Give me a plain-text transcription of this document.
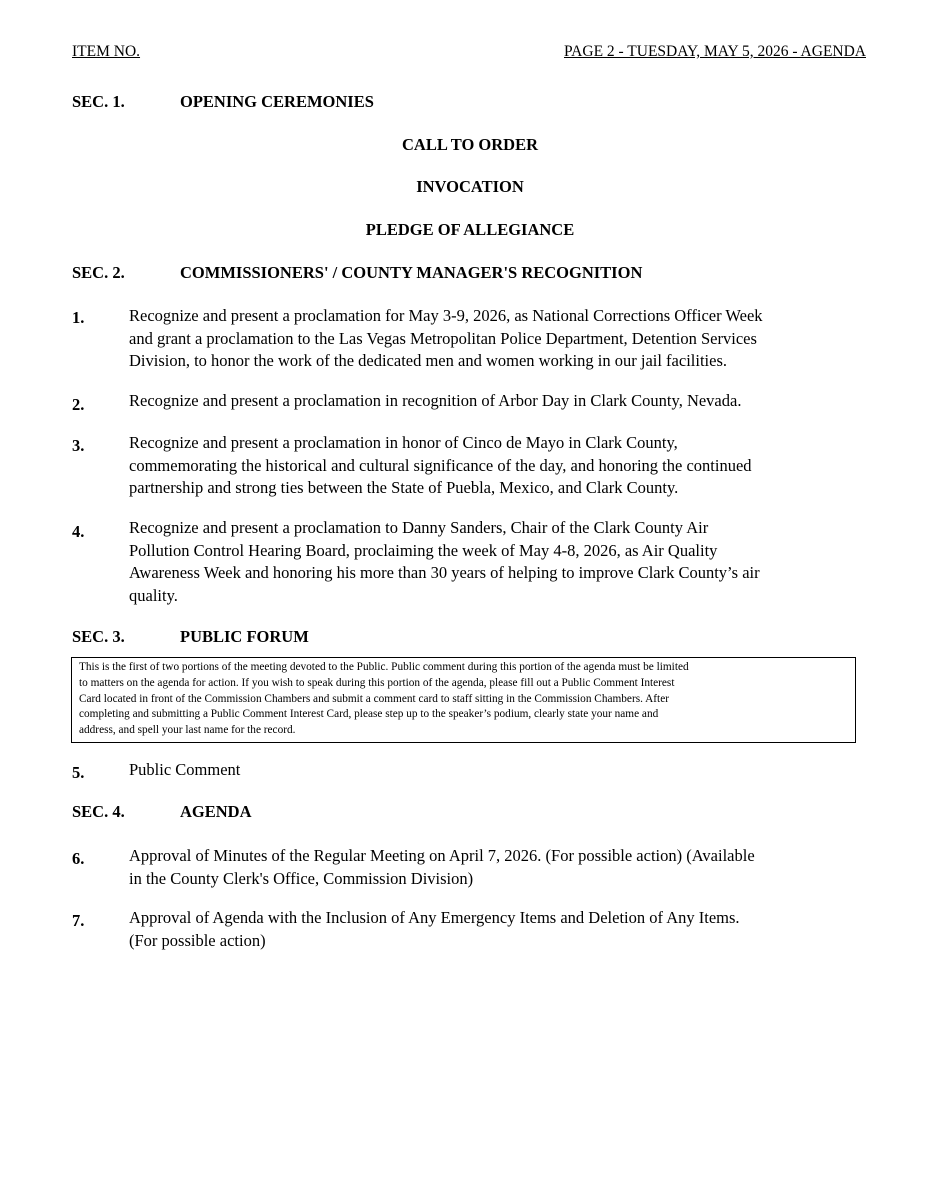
ITEM NO.	PAGE 2 - TUESDAY, MAY 5, 2026 - AGENDA
SEC. 1.	OPENING CEREMONIES
CALL TO ORDER
INVOCATION
PLEDGE OF ALLEGIANCE
SEC. 2.	COMMISSIONERS' / COUNTY MANAGER'S RECOGNITION
1.	Recognize and present a proclamation for May 3-9, 2026, as National Corrections Officer Week
and grant a proclamation to the Las Vegas Metropolitan Police Department, Detention Services
Division, to honor the work of the dedicated men and women working in our jail facilities.
2.	Recognize and present a proclamation in recognition of Arbor Day in Clark County, Nevada.
3.	Recognize and present a proclamation in honor of Cinco de Mayo in Clark County,
commemorating the historical and cultural significance of the day, and honoring the continued
partnership and strong ties between the State of Puebla, Mexico, and Clark County.
4.	Recognize and present a proclamation to Danny Sanders, Chair of the Clark County Air
Pollution Control Hearing Board, proclaiming the week of May 4-8, 2026, as Air Quality
Awareness Week and honoring his more than 30 years of helping to improve Clark County’s air
quality.
SEC. 3.	PUBLIC FORUM
This is the first of two portions of the meeting devoted to the Public. Public comment during this portion of the agenda must be limited
to matters on the agenda for action. If you wish to speak during this portion of the agenda, please fill out a Public Comment Interest
Card located in front of the Commission Chambers and submit a comment card to staff sitting in the Commission Chambers. After
completing and submitting a Public Comment Interest Card, please step up to the speaker’s podium, clearly state your name and
address, and spell your last name for the record.
5.	Public Comment
SEC. 4.	AGENDA
6.	Approval of Minutes of the Regular Meeting on April 7, 2026. (For possible action) (Available
in the County Clerk's Office, Commission Division)
7.	Approval of Agenda with the Inclusion of Any Emergency Items and Deletion of Any Items.
(For possible action)
